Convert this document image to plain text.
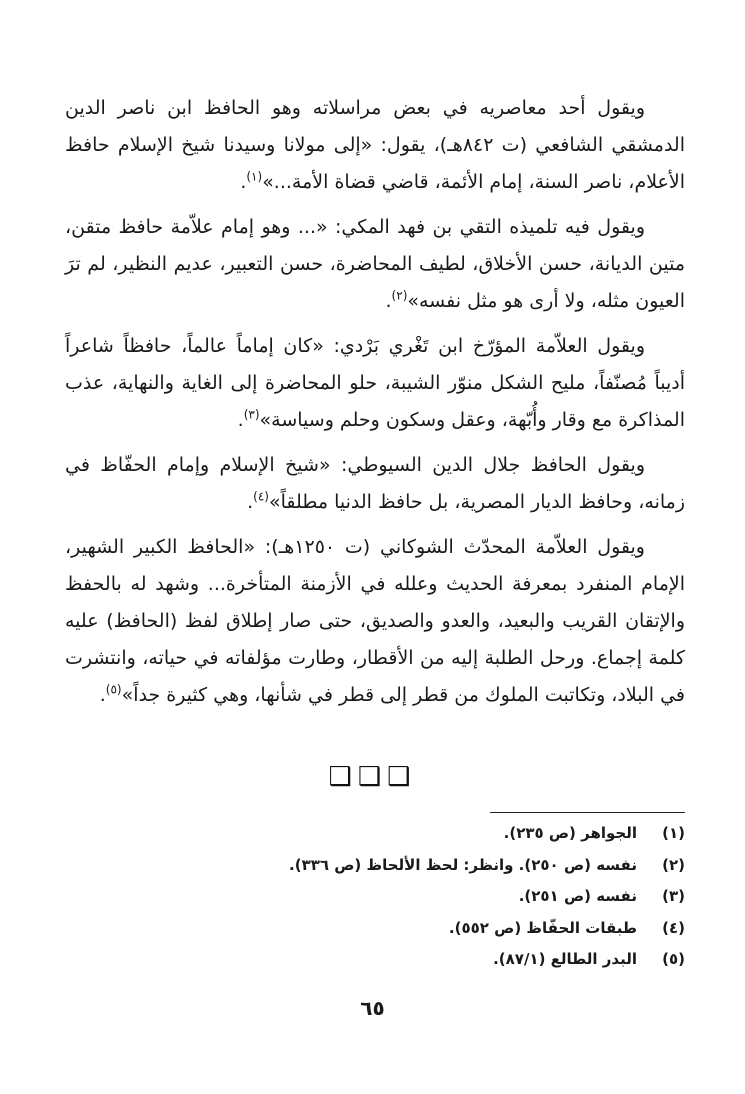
ويقول أحد معاصريه في بعض مراسلاته وهو الحافظ ابن ناصر الدين الدمشقي الشافعي (ت ٨٤٢هـ)، يقول: «إلى مولانا وسيدنا شيخ الإسلام حافظ الأعلام، ناصر السنة، إمام الأئمة، قاضي قضاة الأمة...»$^{(١)}$.

ويقول فيه تلميذه التقي بن فهد المكي: «... وهو إمام علاّمة حافظ متقن، متين الديانة، حسن الأخلاق، لطيف المحاضرة، حسن التعبير، عديم النظير، لم ترَ العيون مثله، ولا أرى هو مثل نفسه»$^{(٢)}$.

ويقول العلاّمة المؤرّخ ابن تَغْري بَرْدي: «كان إماماً عالماً، حافظاً شاعراً أديباً مُصنّفاً، مليح الشكل منوّر الشيبة، حلو المحاضرة إلى الغاية والنهاية، عذب المذاكرة مع وقار وأُبّهة، وعقل وسكون وحلم وسياسة»$^{(٣)}$.

ويقول الحافظ جلال الدين السيوطي: «شيخ الإسلام وإمام الحفّاظ في زمانه، وحافظ الديار المصرية، بل حافظ الدنيا مطلقاً»$^{(٤)}$.

ويقول العلاّمة المحدّث الشوكاني (ت ١٢٥٠هـ): «الحافظ الكبير الشهير، الإمام المنفرد بمعرفة الحديث وعلله في الأزمنة المتأخرة... وشهد له بالحفظ والإتقان القريب والبعيد، والعدو والصديق، حتى صار إطلاق لفظ (الحافظ) عليه كلمة إجماع. ورحل الطلبة إليه من الأقطار، وطارت مؤلفاته في حياته، وانتشرت في البلاد، وتكاتبت الملوك من قطر إلى قطر في شأنها، وهي كثيرة جداً»$^{(٥)}$.

❑❑❑
(١)الجواهر (ص ٢٣٥).
(٢)نفسه (ص ٢٥٠). وانظر: لحظ الألحاظ (ص ٣٣٦).
(٣)نفسه (ص ٢٥١).
(٤)طبقات الحفّاظ (ص ٥٥٢).
(٥)البدر الطالع (٨٧/١).
٦٥
